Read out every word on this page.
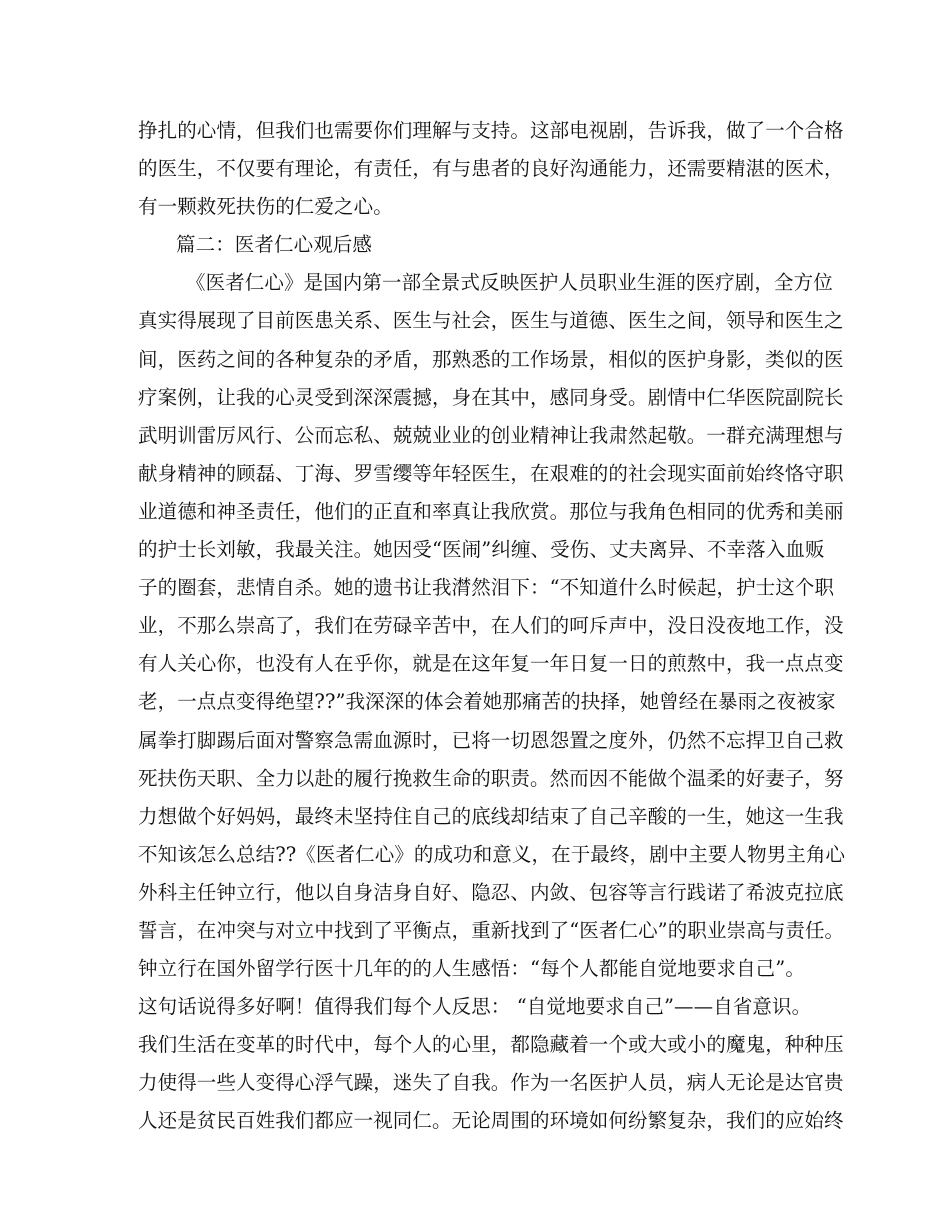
挣扎的心情，但我们也需要你们理解与支持。这部电视剧，告诉我，做了一个合格
的医生，不仅要有理论，有责任，有与患者的良好沟通能力，还需要精湛的医术，
有一颗救死扶伤的仁爱之心。
篇二：医者仁心观后感
《医者仁心》是国内第一部全景式反映医护人员职业生涯的医疗剧，全方位
真实得展现了目前医患关系、医生与社会，医生与道德、医生之间，领导和医生之
间，医药之间的各种复杂的矛盾，那熟悉的工作场景，相似的医护身影，类似的医
疗案例，让我的心灵受到深深震撼，身在其中，感同身受。剧情中仁华医院副院长
武明训雷厉风行、公而忘私、兢兢业业的创业精神让我肃然起敬。一群充满理想与
献身精神的顾磊、丁海、罗雪缨等年轻医生，在艰难的的社会现实面前始终恪守职
业道德和神圣责任，他们的正直和率真让我欣赏。那位与我角色相同的优秀和美丽
的护士长刘敏，我最关注。她因受“医闹”纠缠、受伤、丈夫离异、不幸落入血贩
子的圈套，悲情自杀。她的遗书让我潸然泪下：“不知道什么时候起，护士这个职
业，不那么崇高了，我们在劳碌辛苦中，在人们的呵斥声中，没日没夜地工作，没
有人关心你，也没有人在乎你，就是在这年复一年日复一日的煎熬中，我一点点变
老，一点点变得绝望??”我深深的体会着她那痛苦的抉择，她曾经在暴雨之夜被家
属拳打脚踢后面对警察急需血源时，已将一切恩怨置之度外，仍然不忘捍卫自己救
死扶伤天职、全力以赴的履行挽救生命的职责。然而因不能做个温柔的好妻子，努
力想做个好妈妈，最终未坚持住自己的底线却结束了自己辛酸的一生，她这一生我
不知该怎么总结??《医者仁心》的成功和意义，在于最终，剧中主要人物男主角心
外科主任钟立行，他以自身洁身自好、隐忍、内敛、包容等言行践诺了希波克拉底
誓言，在冲突与对立中找到了平衡点，重新找到了“医者仁心”的职业崇高与责任。
钟立行在国外留学行医十几年的的人生感悟：“每个人都能自觉地要求自己”。
这句话说得多好啊！值得我们每个人反思： “自觉地要求自己”——自省意识。
我们生活在变革的时代中，每个人的心里，都隐藏着一个或大或小的魔鬼，种种压
力使得一些人变得心浮气躁，迷失了自我。作为一名医护人员，病人无论是达官贵
人还是贫民百姓我们都应一视同仁。无论周围的环境如何纷繁复杂，我们的应始终
